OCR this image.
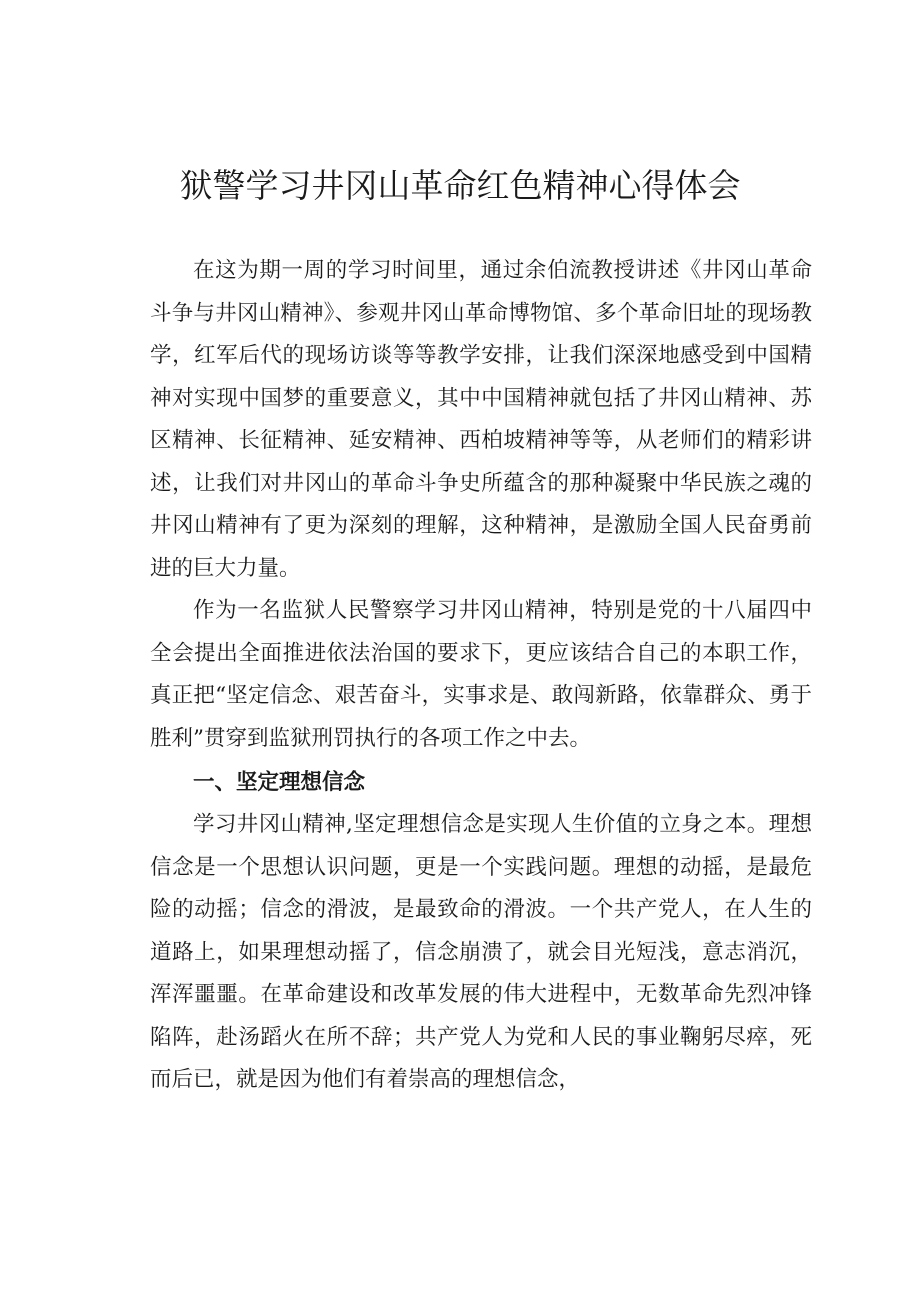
狱警学习井冈山革命红色精神心得体会

在这为期一周的学习时间里，通过余伯流教授讲述《井冈山革命斗争与井冈山精神》、参观井冈山革命博物馆、多个革命旧址的现场教学，红军后代的现场访谈等等教学安排，让我们深深地感受到中国精神对实现中国梦的重要意义，其中中国精神就包括了井冈山精神、苏区精神、长征精神、延安精神、西柏坡精神等等，从老师们的精彩讲述，让我们对井冈山的革命斗争史所蕴含的那种凝聚中华民族之魂的井冈山精神有了更为深刻的理解，这种精神，是激励全国人民奋勇前进的巨大力量。

作为一名监狱人民警察学习井冈山精神，特别是党的十八届四中全会提出全面推进依法治国的要求下，更应该结合自己的本职工作，真正把“坚定信念、艰苦奋斗，实事求是、敢闯新路，依靠群众、勇于胜利”贯穿到监狱刑罚执行的各项工作之中去。

一、坚定理想信念

学习井冈山精神,坚定理想信念是实现人生价值的立身之本。理想信念是一个思想认识问题，更是一个实践问题。理想的动摇，是最危险的动摇；信念的滑波，是最致命的滑波。一个共产党人，在人生的道路上，如果理想动摇了，信念崩溃了，就会目光短浅，意志消沉，浑浑噩噩。在革命建设和改革发展的伟大进程中，无数革命先烈冲锋陷阵，赴汤蹈火在所不辞；共产党人为党和人民的事业鞠躬尽瘁，死而后已，就是因为他们有着崇高的理想信念，
